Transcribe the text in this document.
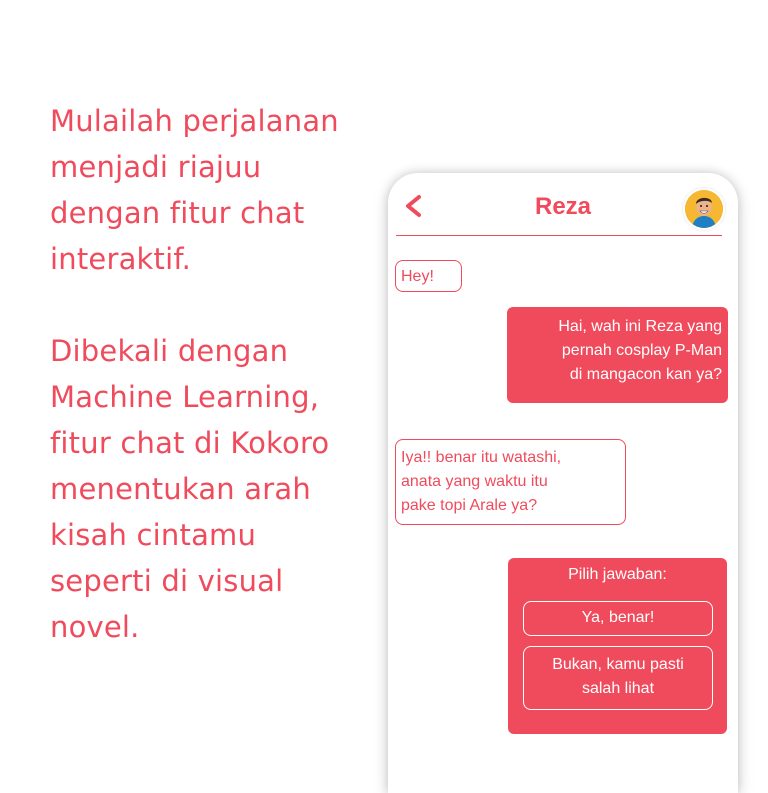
Mulailah perjalanan
menjadi riajuu
dengan fitur chat
interaktif.

Dibekali dengan
Machine Learning,
fitur chat di Kokoro
menentukan arah
kisah cintamu
seperti di visual
novel.

Reza
Hey!
Hai, wah ini Reza yang
pernah cosplay P-Man
di mangacon kan ya?
Iya!! benar itu watashi,
anata yang waktu itu
pake topi Arale ya?
Pilih jawaban:
Ya, benar!
Bukan, kamu pasti
salah lihat
